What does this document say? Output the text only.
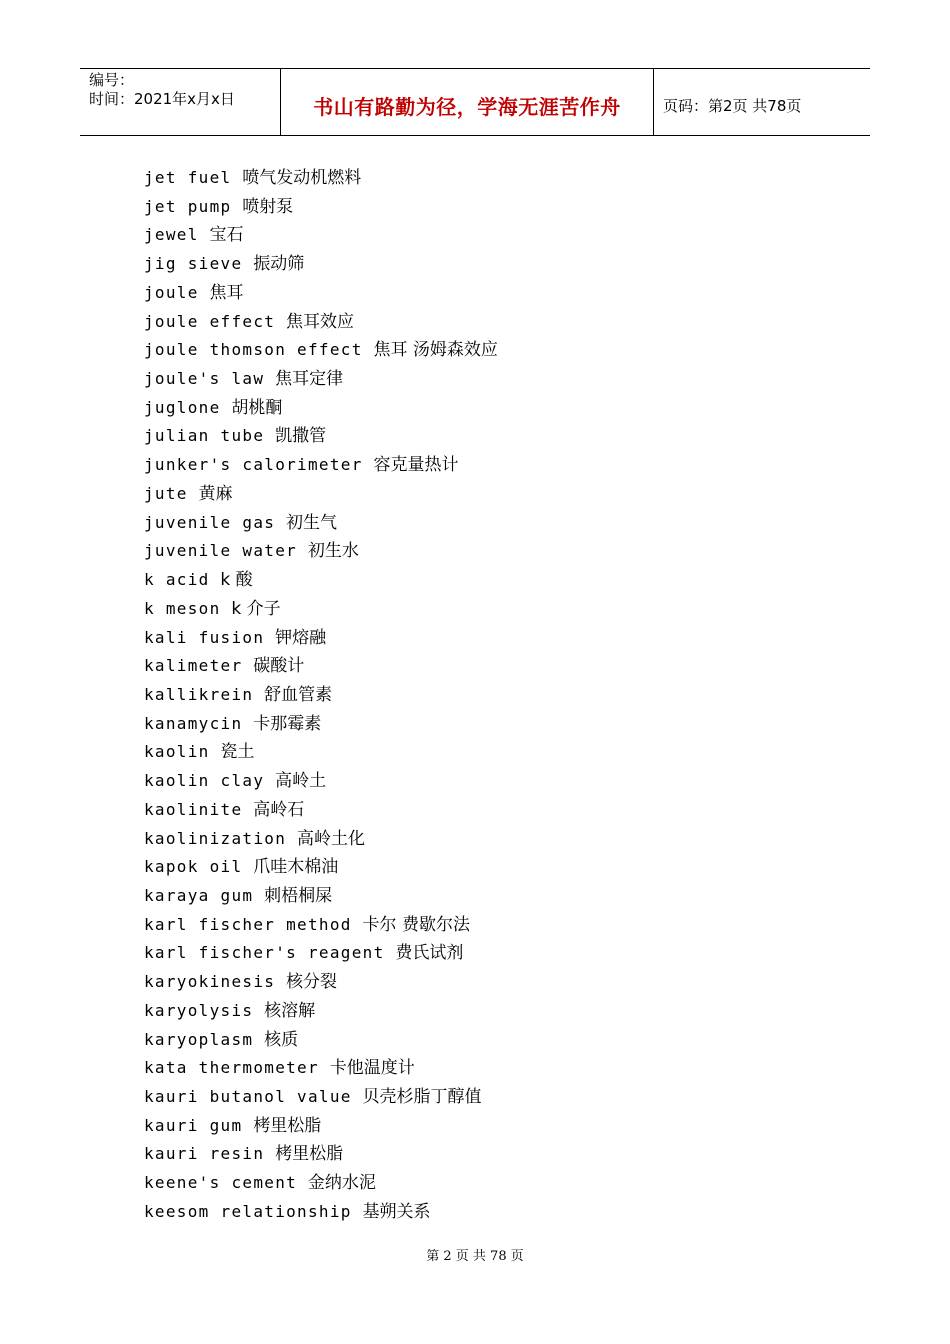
编号：
时间：2021年x月x日	书山有路勤为径，学海无涯苦作舟	页码：第2页 共78页
jet fuel 喷气发动机燃料
jet pump 喷射泵
jewel 宝石
jig sieve 振动筛
joule 焦耳
joule effect 焦耳效应
joule thomson effect 焦耳 汤姆森效应
joule's law 焦耳定律
juglone 胡桃酮
julian tube 凯撒管
junker's calorimeter 容克量热计
jute 黄麻
juvenile gas 初生气
juvenile water 初生水
k acid k 酸
k meson k 介子
kali fusion 钾熔融
kalimeter 碳酸计
kallikrein 舒血管素
kanamycin 卡那霉素
kaolin 瓷土
kaolin clay 高岭土
kaolinite 高岭石
kaolinization 高岭土化
kapok oil 爪哇木棉油
karaya gum 刺梧桐屎
karl fischer method 卡尔 费歇尔法
karl fischer's reagent 费氏试剂
karyokinesis 核分裂
karyolysis 核溶解
karyoplasm 核质
kata thermometer 卡他温度计
kauri butanol value 贝壳杉脂丁醇值
kauri gum 栲里松脂
kauri resin 栲里松脂
keene's cement 金纳水泥
keesom relationship 基朔关系
第 2 页 共 78 页
